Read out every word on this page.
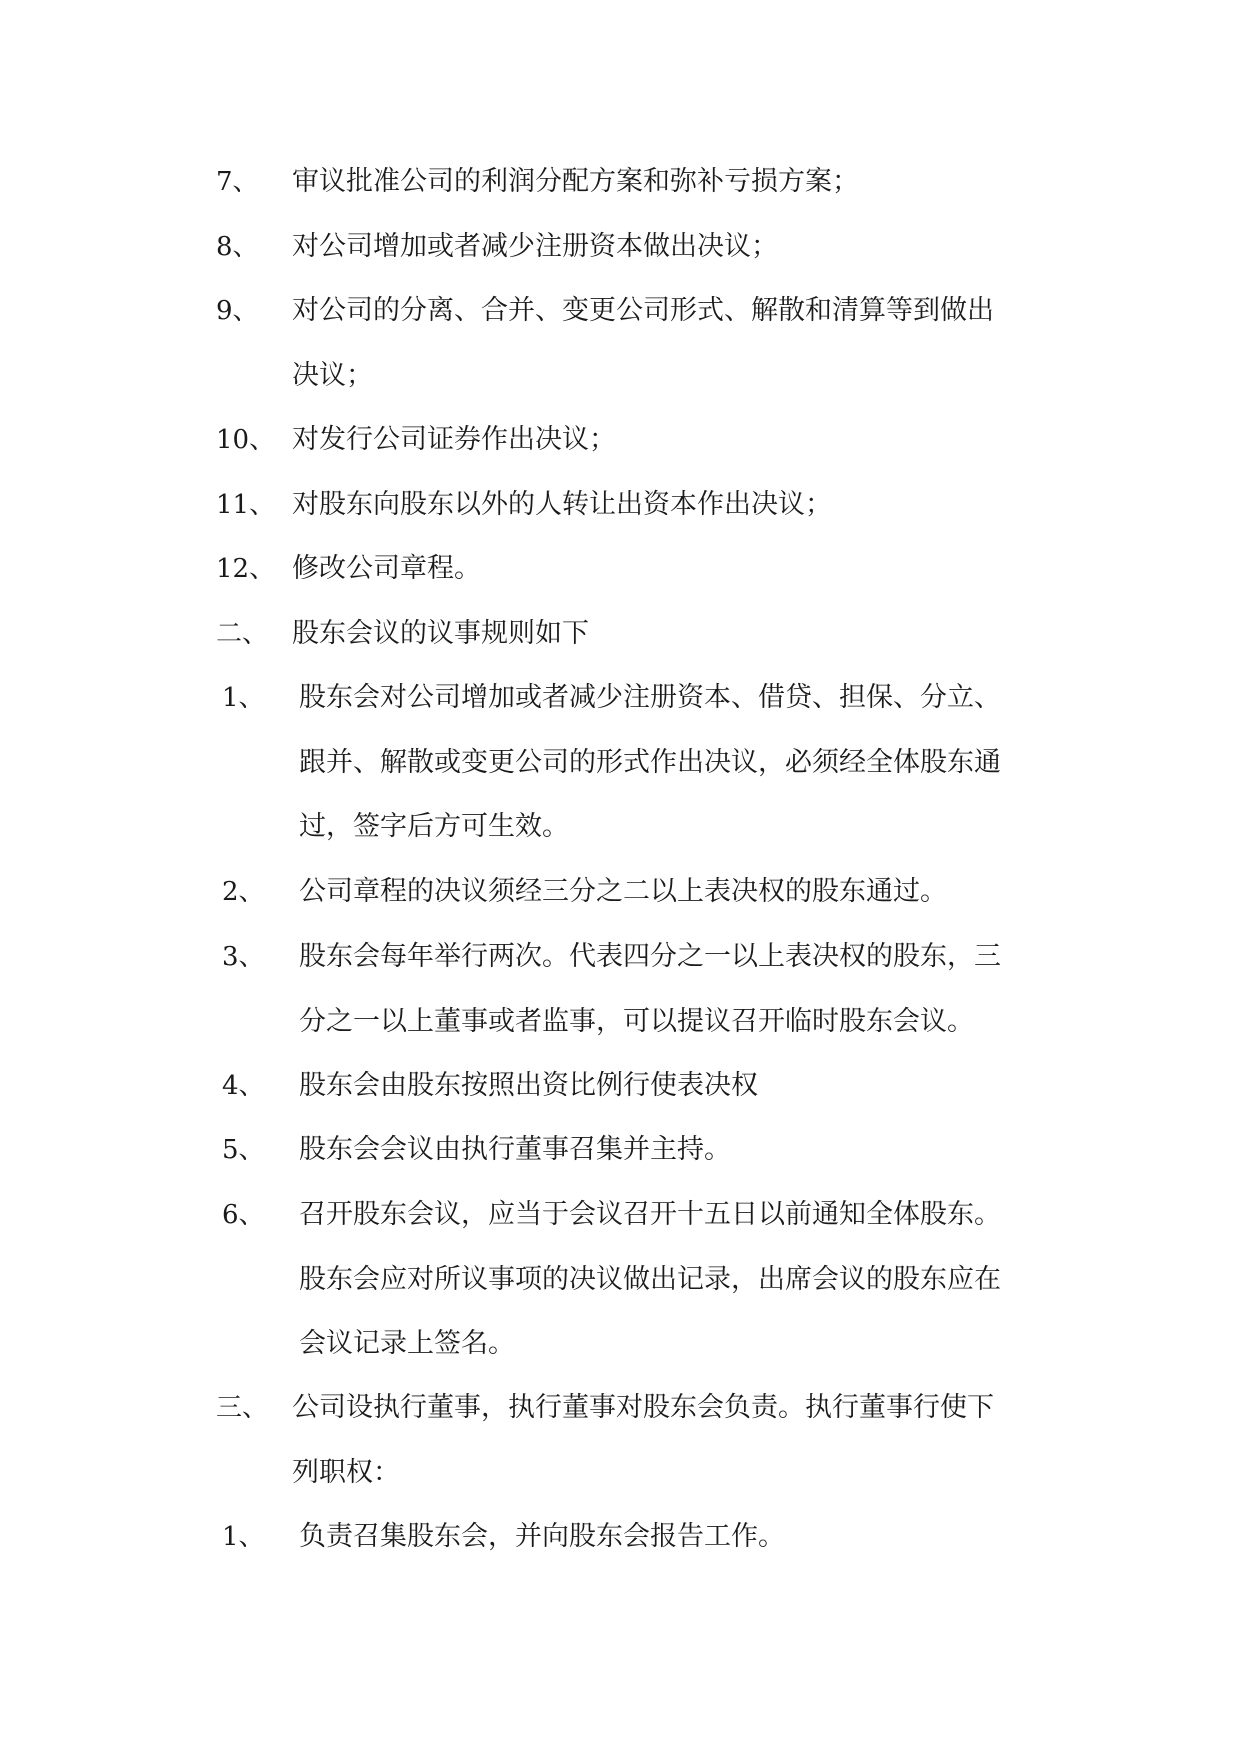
7、 审议批准公司的利润分配方案和弥补亏损方案；
8、 对公司增加或者减少注册资本做出决议；
9、 对公司的分离、合并、变更公司形式、解散和清算等到做出
决议；
10、 对发行公司证券作出决议；
11、 对股东向股东以外的人转让出资本作出决议；
12、 修改公司章程。
二、 股东会议的议事规则如下
1、 股东会对公司增加或者减少注册资本、借贷、担保、分立、
跟并、解散或变更公司的形式作出决议，必须经全体股东通
过，签字后方可生效。
2、 公司章程的决议须经三分之二以上表决权的股东通过。
3、 股东会每年举行两次。代表四分之一以上表决权的股东，三
分之一以上董事或者监事，可以提议召开临时股东会议。
4、 股东会由股东按照出资比例行使表决权
5、 股东会会议由执行董事召集并主持。
6、 召开股东会议，应当于会议召开十五日以前通知全体股东。
股东会应对所议事项的决议做出记录，出席会议的股东应在
会议记录上签名。
三、 公司设执行董事，执行董事对股东会负责。执行董事行使下
列职权：
1、 负责召集股东会，并向股东会报告工作。
